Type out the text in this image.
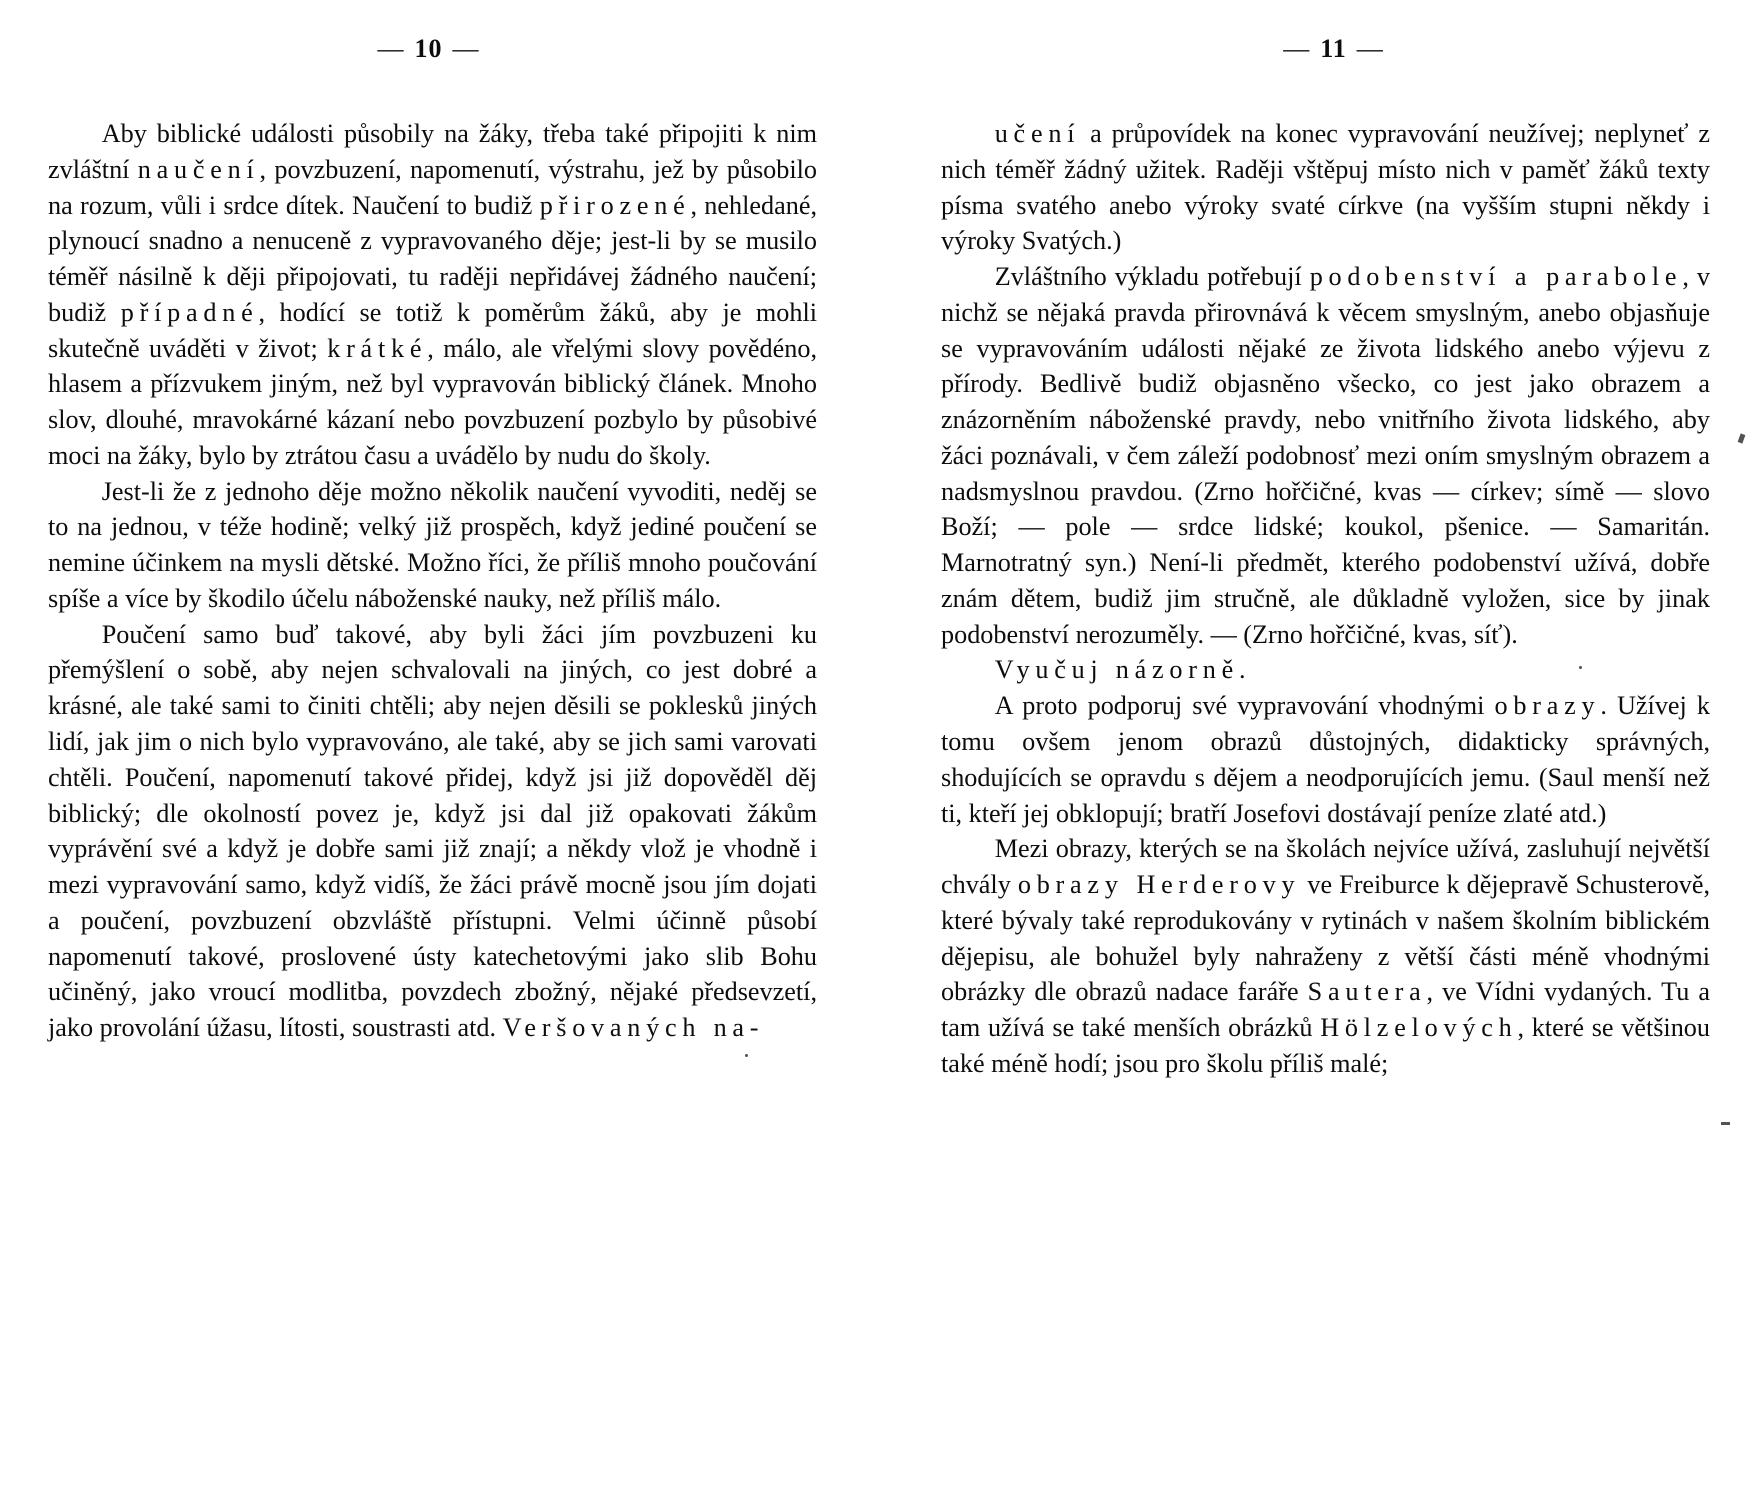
— 10 —

Aby biblické události působily na žáky, třeba také připojiti k nim zvláštní naučení, povzbuzení, napomenutí, výstrahu, jež by působilo na rozum, vůli i srdce dítek. Naučení to budiž přirozené, nehledané, plynoucí snadno a nenuceně z vypravovaného děje; jest-li by se musilo téměř násilně k ději připojovati, tu raději nepřidávej žádného naučení; budiž případné, hodící se totiž k poměrům žáků, aby je mohli skutečně uváděti v život; krátké, málo, ale vřelými slovy povědéno, hlasem a přízvukem jiným, než byl vypravován biblický článek. Mnoho slov, dlouhé, mravokárné kázaní nebo povzbuzení pozbylo by působivé moci na žáky, bylo by ztrátou času a uvádělo by nudu do školy.

Jest-li že z jednoho děje možno několik naučení vyvoditi, neděj se to na jednou, v téže hodině; velký již prospěch, když jediné poučení se nemine účinkem na mysli dětské. Možno říci, že příliš mnoho poučování spíše a více by škodilo účelu náboženské nauky, než příliš málo.

Poučení samo buď takové, aby byli žáci jím povzbuzeni ku přemýšlení o sobě, aby nejen schvalovali na jiných, co jest dobré a krásné, ale také sami to činiti chtěli; aby nejen děsili se poklesků jiných lidí, jak jim o nich bylo vypravováno, ale také, aby se jich sami varovati chtěli. Poučení, napomenutí takové přidej, když jsi již dopověděl děj biblický; dle okolností povez je, když jsi dal již opakovati žákům vyprávění své a když je dobře sami již znají; a někdy vlož je vhodně i mezi vypravování samo, když vidíš, že žáci právě mocně jsou jím dojati a poučení, povzbuzení obzvláště přístupni. Velmi účinně působí napomenutí takové, proslovené ústy katechetovými jako slib Bohu učiněný, jako vroucí modlitba, povzdech zbožný, nějaké předsevzetí, jako provolání úžasu, lítosti, soustrasti atd. Veršovaných na-

— 11 —

učení a průpovídek na konec vypravování neužívej; neplyneť z nich téměř žádný užitek. Raději vštěpuj místo nich v paměť žáků texty písma svatého anebo výroky svaté církve (na vyšším stupni někdy i výroky Svatých.)

Zvláštního výkladu potřebují podobenství a parabole, v nichž se nějaká pravda přirovnává k věcem smyslným, anebo objasňuje se vypravováním události nějaké ze života lidského anebo výjevu z přírody. Bedlivě budiž objasněno všecko, co jest jako obrazem a znázorněním náboženské pravdy, nebo vnitřního života lidského, aby žáci poznávali, v čem záleží podobnosť mezi oním smyslným obrazem a nadsmyslnou pravdou. (Zrno hořčičné, kvas — církev; símě — slovo Boží; — pole — srdce lidské; koukol, pšenice. — Samaritán. Marnotratný syn.) Není-li předmět, kterého podobenství užívá, dobře znám dětem, budiž jim stručně, ale důkladně vyložen, sice by jinak podobenství nerozuměly. — (Zrno hořčičné, kvas, síť).

Vyučuj názorně.

A proto podporuj své vypravování vhodnými obrazy. Užívej k tomu ovšem jenom obrazů důstojných, didakticky správných, shodujících se opravdu s dějem a neodporujících jemu. (Saul menší než ti, kteří jej obklopují; bratří Josefovi dostávají peníze zlaté atd.)

Mezi obrazy, kterých se na školách nejvíce užívá, zasluhují největší chvály obrazy Herderovy ve Freiburce k dějepravě Schusterově, které bývaly také reprodukovány v rytinách v našem školním biblickém dějepisu, ale bohužel byly nahraženy z větší části méně vhodnými obrázky dle obrazů nadace faráře Sautera, ve Vídni vydaných. Tu a tam užívá se také menších obrázků Hölzelových, které se většinou také méně hodí; jsou pro školu příliš malé;
